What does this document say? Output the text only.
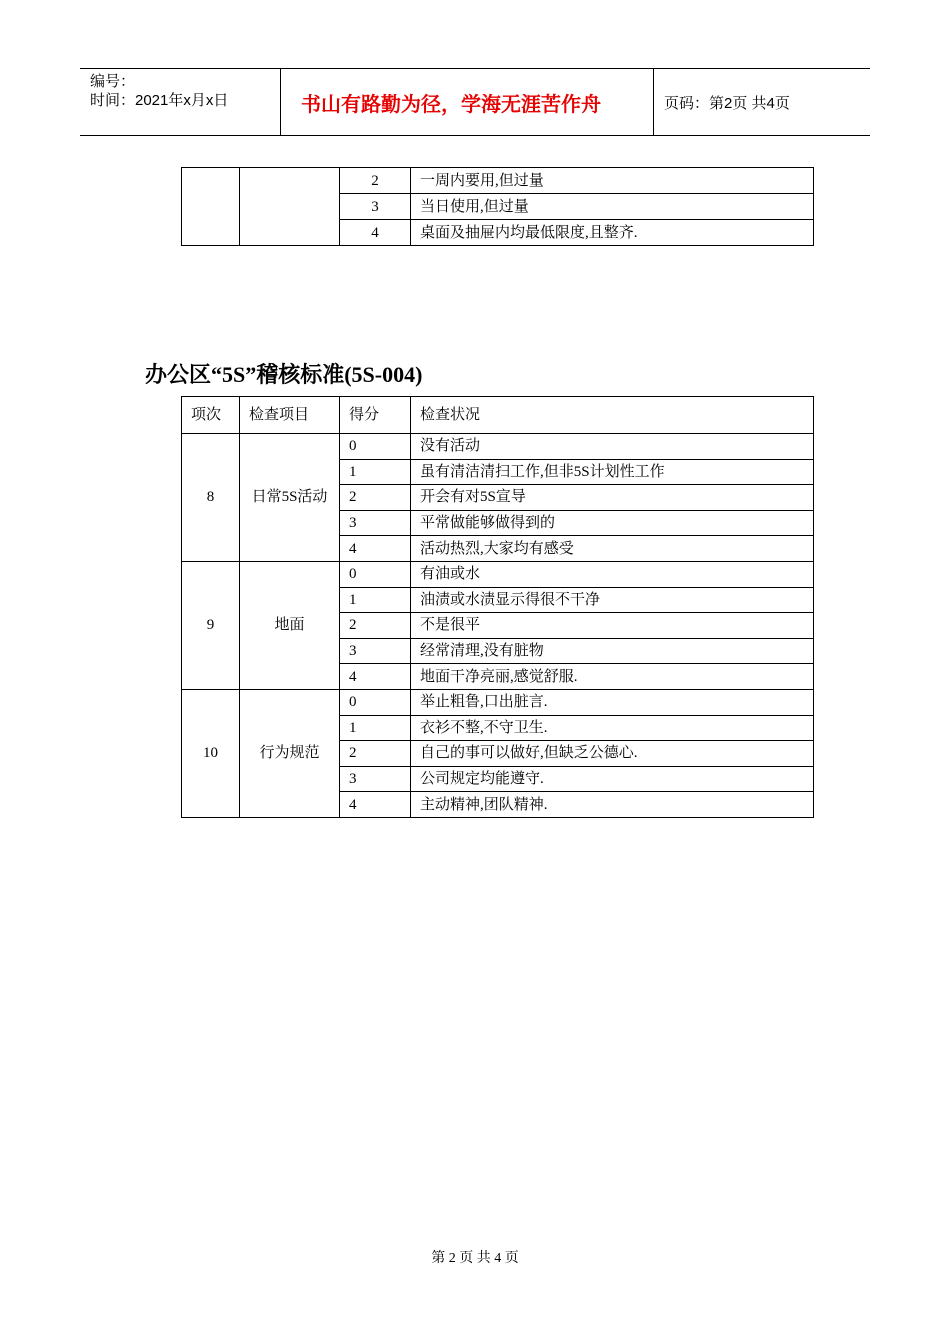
编号：
时间：2021年x月x日	书山有路勤为径，学海无涯苦作舟	页码：第2页 共4页
		2	一周内要用,但过量
		3	当日使用,但过量
		4	桌面及抽屉内均最低限度,且整齐.
办公区“5S”稽核标准(5S-004)
项次	检查项目	得分	检查状况
8	日常5S活动	0	没有活动
		1	虽有清洁清扫工作,但非5S计划性工作
		2	开会有对5S宣导
		3	平常做能够做得到的
		4	活动热烈,大家均有感受
9	地面	0	有油或水
		1	油渍或水渍显示得很不干净
		2	不是很平
		3	经常清理,没有脏物
		4	地面干净亮丽,感觉舒服.
10	行为规范	0	举止粗鲁,口出脏言.
		1	衣衫不整,不守卫生.
		2	自己的事可以做好,但缺乏公德心.
		3	公司规定均能遵守.
		4	主动精神,团队精神.
第 2 页 共 4 页
